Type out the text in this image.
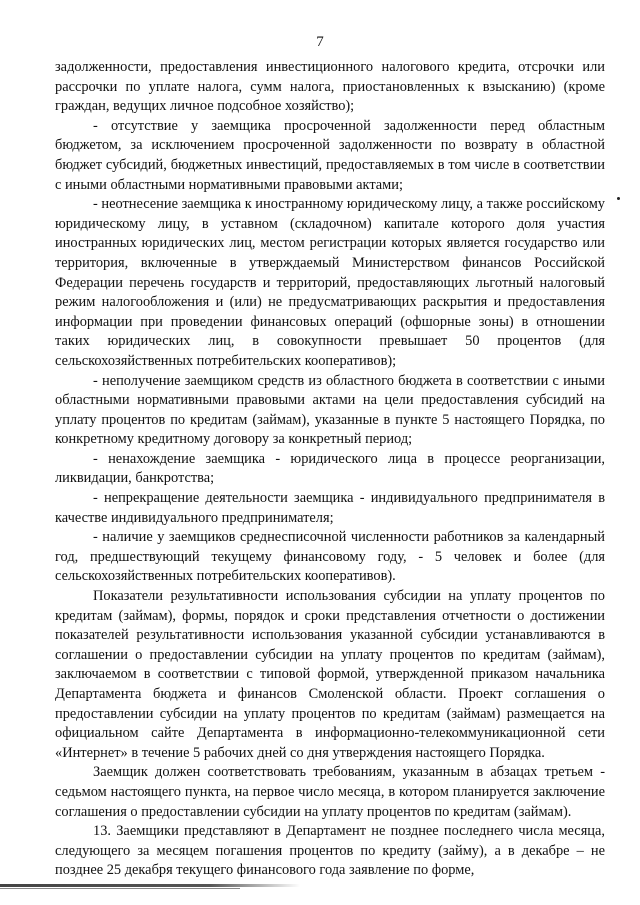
7

задолженности, предоставления инвестиционного налогового кредита, отсрочки или рассрочки по уплате налога, сумм налога, приостановленных к взысканию) (кроме граждан, ведущих личное подсобное хозяйство);

- отсутствие у заемщика просроченной задолженности перед областным бюджетом, за исключением просроченной задолженности по возврату в областной бюджет субсидий, бюджетных инвестиций, предоставляемых в том числе в соответствии с иными областными нормативными правовыми актами;

- неотнесение заемщика к иностранному юридическому лицу, а также российскому юридическому лицу, в уставном (складочном) капитале которого доля участия иностранных юридических лиц, местом регистрации которых является государство или территория, включенные в утверждаемый Министерством финансов Российской Федерации перечень государств и территорий, предоставляющих льготный налоговый режим налогообложения и (или) не предусматривающих раскрытия и предоставления информации при проведении финансовых операций (офшорные зоны) в отношении таких юридических лиц, в совокупности превышает 50 процентов (для сельскохозяйственных потребительских кооперативов);

- неполучение заемщиком средств из областного бюджета в соответствии с иными областными нормативными правовыми актами на цели предоставления субсидий на уплату процентов по кредитам (займам), указанные в пункте 5 настоящего Порядка, по конкретному кредитному договору за конкретный период;

- ненахождение заемщика - юридического лица в процессе реорганизации, ликвидации, банкротства;

- непрекращение деятельности заемщика - индивидуального предпринимателя в качестве индивидуального предпринимателя;

- наличие у заемщиков среднесписочной численности работников за календарный год, предшествующий текущему финансовому году, - 5 человек и более (для сельскохозяйственных потребительских кооперативов).

Показатели результативности использования субсидии на уплату процентов по кредитам (займам), формы, порядок и сроки представления отчетности о достижении показателей результативности использования указанной субсидии устанавливаются в соглашении о предоставлении субсидии на уплату процентов по кредитам (займам), заключаемом в соответствии с типовой формой, утвержденной приказом начальника Департамента бюджета и финансов Смоленской области. Проект соглашения о предоставлении субсидии на уплату процентов по кредитам (займам) размещается на официальном сайте Департамента в информационно-телекоммуникационной сети «Интернет» в течение 5 рабочих дней со дня утверждения настоящего Порядка.

Заемщик должен соответствовать требованиям, указанным в абзацах третьем - седьмом настоящего пункта, на первое число месяца, в котором планируется заключение соглашения о предоставлении субсидии на уплату процентов по кредитам (займам).

13. Заемщики представляют в Департамент не позднее последнего числа месяца, следующего за месяцем погашения процентов по кредиту (займу), а в декабре – не позднее 25 декабря текущего финансового года заявление по форме,
